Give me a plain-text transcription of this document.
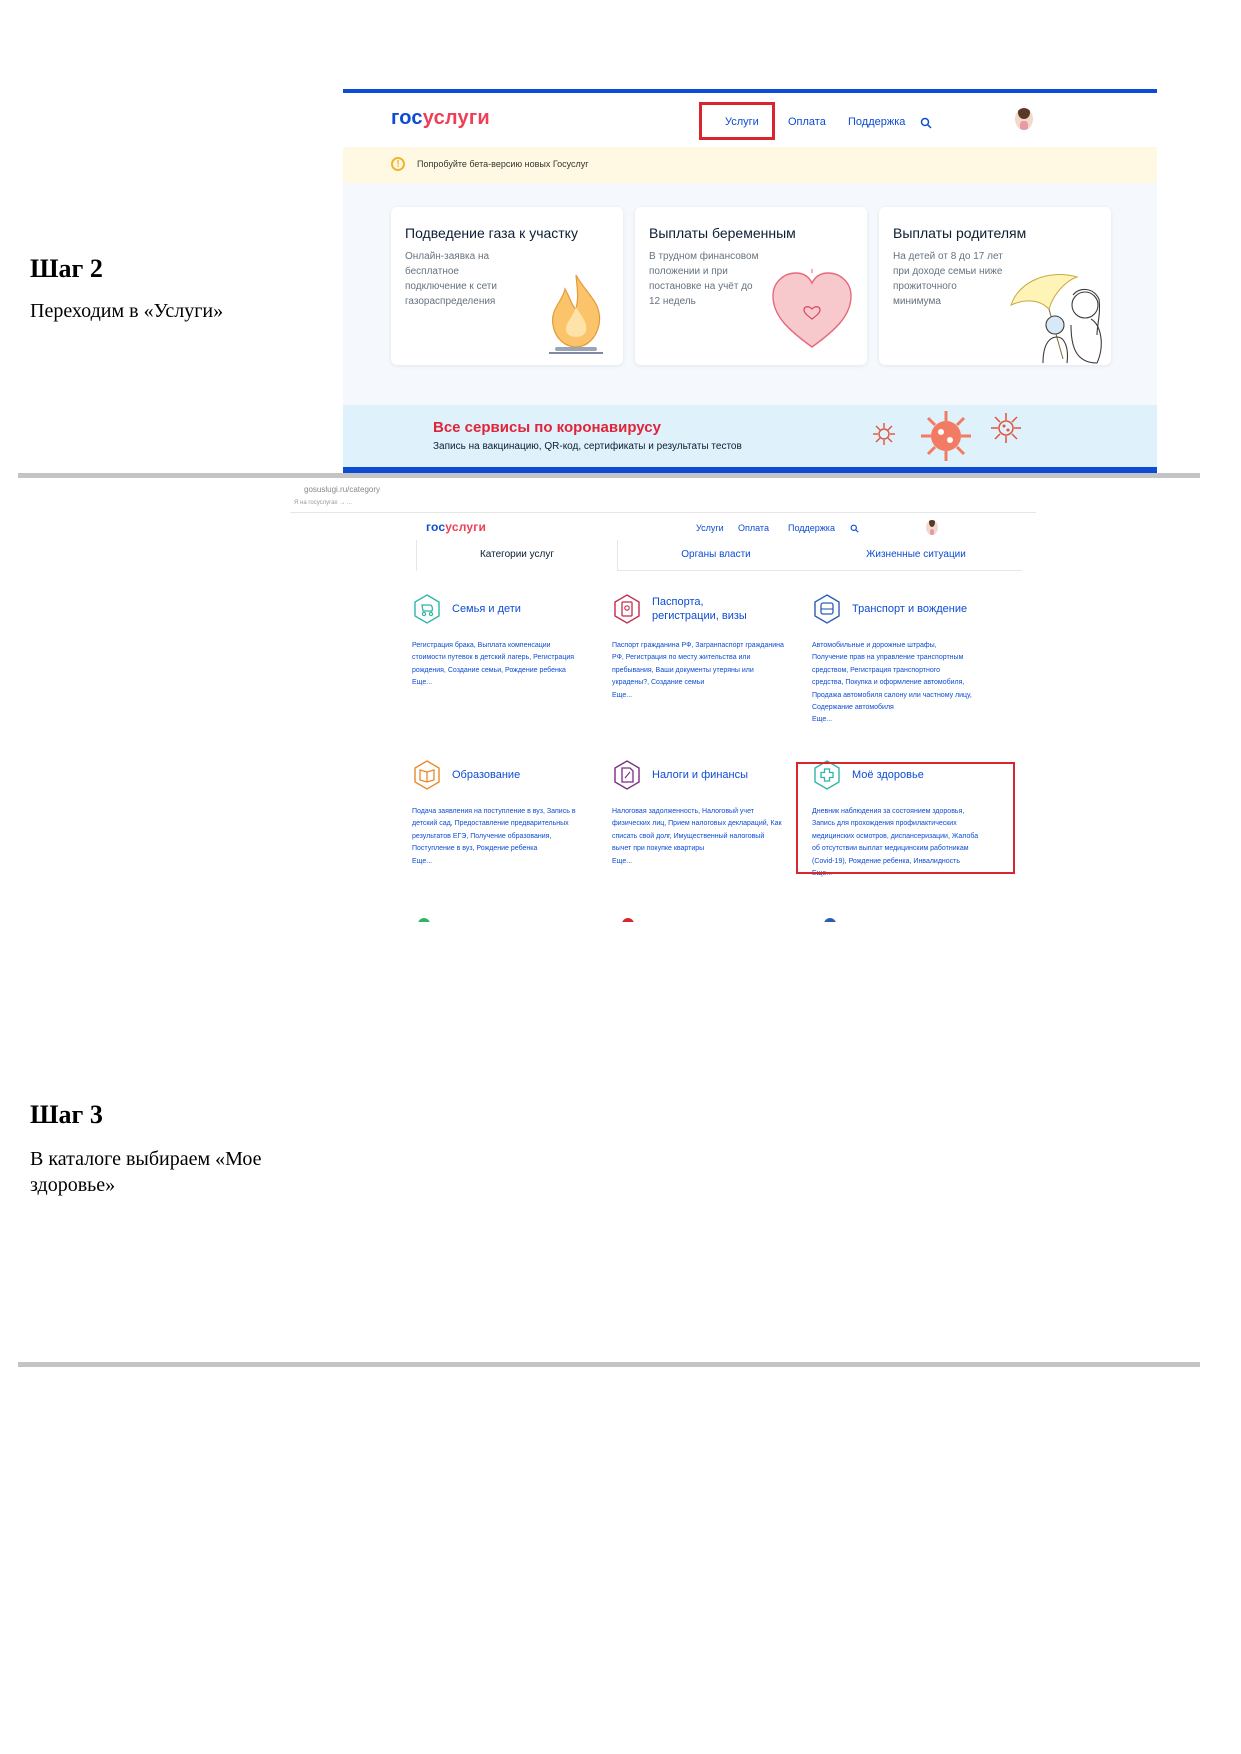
Шаг 2
Переходим в «Услуги»
госуслуги	Услуги	Оплата Поддержка
!	Попробуйте бета-версию новых Госуслуг
Подведение газа к участку
Онлайн-заявка на бесплатное подключение к сети газораспределения
Выплаты беременным
В трудном финансовом положении и при постановке на учёт до 12 недель
Выплаты родителям
На детей от 8 до 17 лет при доходе семьи ниже прожиточного минимума
Все сервисы по коронавирусу
Запись на вакцинацию, QR-код, сертификаты и результаты тестов
gosuslugi.ru/category
Я на госуслугах → ...
госуслуги	Услуги Оплата Поддержка
Категории услуг	Органы власти	Жизненные ситуации
Семья и дети
Регистрация брака, Выплата компенсации стоимости путевок в детский лагерь, Регистрация рождения, Создание семьи, Рождение ребенка
Еще...
Паспорта, регистрации, визы
Паспорт гражданина РФ, Загранпаспорт гражданина РФ, Регистрация по месту жительства или пребывания, Ваши документы утеряны или украдены?, Создание семьи
Еще...
Транспорт и вождение
Автомобильные и дорожные штрафы, Получение прав на управление транспортным средством, Регистрация транспортного средства, Покупка и оформление автомобиля, Продажа автомобиля салону или частному лицу, Содержание автомобиля
Еще...
Образование
Подача заявления на поступление в вуз, Запись в детский сад, Предоставление предварительных результатов ЕГЭ, Получение образования, Поступление в вуз, Рождение ребенка
Еще...
Налоги и финансы
Налоговая задолженность, Налоговый учет физических лиц, Прием налоговых деклараций, Как списать свой долг, Имущественный налоговый вычет при покупке квартиры
Еще...
Моё здоровье
Дневник наблюдения за состоянием здоровья, Запись для прохождения профилактических медицинских осмотров, диспансеризации, Жалоба об отсутствии выплат медицинским работникам (Covid-19), Рождение ребенка, Инвалидность
Еще...
Шаг 3
В каталоге выбираем «Мое здоровье»
